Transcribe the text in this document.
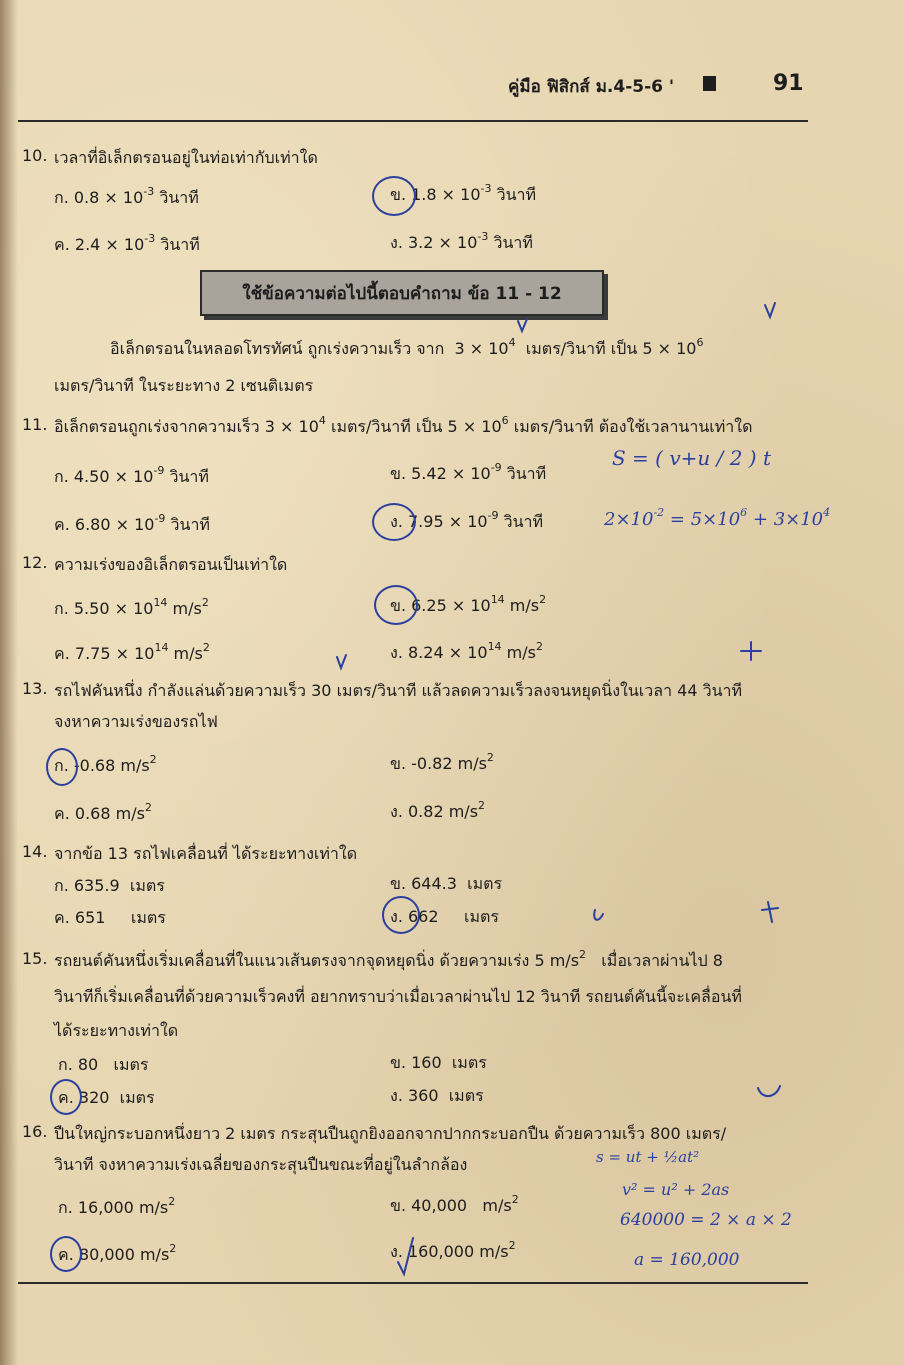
คู่มือ ฟิสิกส์ ม.4-5-6 '	91
10. เวลาที่อิเล็กตรอนอยู่ในท่อเท่ากับเท่าใด
ก. $0.8 \times 10^{-3}$ วินาที	ข. $1.8 \times 10^{-3}$ วินาที
ค. $2.4 \times 10^{-3}$ วินาที	ง. $3.2 \times 10^{-3}$ วินาที
ใช้ข้อความต่อไปนี้ตอบคำถาม ข้อ 11 - 12
อิเล็กตรอนในหลอดโทรทัศน์ ถูกเร่งความเร็ว จาก $3 \times 10^4$ เมตร/วินาที เป็น $5 \times 10^6$
เมตร/วินาที ในระยะทาง 2 เซนติเมตร
11. อิเล็กตรอนถูกเร่งจากความเร็ว $3 \times 10^4$ เมตร/วินาที เป็น $5 \times 10^6$ เมตร/วินาที ต้องใช้เวลานานเท่าใด
ก. $4.50 \times 10^{-9}$ วินาที	ข. $5.42 \times 10^{-9}$ วินาที
ค. $6.80 \times 10^{-9}$ วินาที	ง. $7.95 \times 10^{-9}$ วินาที
12. ความเร่งของอิเล็กตรอนเป็นเท่าใด
ก. $5.50 \times 10^{14}$ $m/s^2$	ข. $6.25 \times 10^{14}$ $m/s^2$
ค. $7.75 \times 10^{14}$ $m/s^2$	ง. $8.24 \times 10^{14}$ $m/s^2$
13. รถไฟคันหนึ่ง กำลังแล่นด้วยความเร็ว 30 เมตร/วินาที แล้วลดความเร็วลงจนหยุดนิ่งในเวลา 44 วินาที
จงหาความเร่งของรถไฟ
ก. -0.68 $m/s^2$	ข. -0.82 $m/s^2$
ค. 0.68 $m/s^2$	ง. 0.82 $m/s^2$
14. จากข้อ 13 รถไฟเคลื่อนที่ ได้ระยะทางเท่าใด
ก. 635.9  เมตร	ข. 644.3  เมตร
ค. 651     เมตร	ง. 662     เมตร
15. รถยนต์คันหนึ่งเริ่มเคลื่อนที่ในแนวเส้นตรงจากจุดหยุดนิ่ง ด้วยความเร่ง 5 $m/s^2$ เมื่อเวลาผ่านไป 8
วินาทีก็เริ่มเคลื่อนที่ด้วยความเร็วคงที่ อยากทราบว่าเมื่อเวลาผ่านไป 12 วินาที รถยนต์คันนี้จะเคลื่อนที่
ได้ระยะทางเท่าใด
ก. 80   เมตร	ข. 160  เมตร
ค. 320  เมตร	ง. 360  เมตร
16. ปืนใหญ่กระบอกหนึ่งยาว 2 เมตร กระสุนปืนถูกยิงออกจากปากกระบอกปืน ด้วยความเร็ว 800 เมตร/
วินาที จงหาความเร่งเฉลี่ยของกระสุนปืนขณะที่อยู่ในลำกล้อง
ก. 16,000 $m/s^2$	ข. 40,000   $m/s^2$
ค. 80,000 $m/s^2$	ง. 160,000 $m/s^2$
S = ( v+u / 2 ) t
$2\times 10^{-2} = 5\times 10^6 + 3\times 10^4$
s = ut + ½at²
v² = u² + 2as
640000 = 2 × a × 2
a = 160,000
